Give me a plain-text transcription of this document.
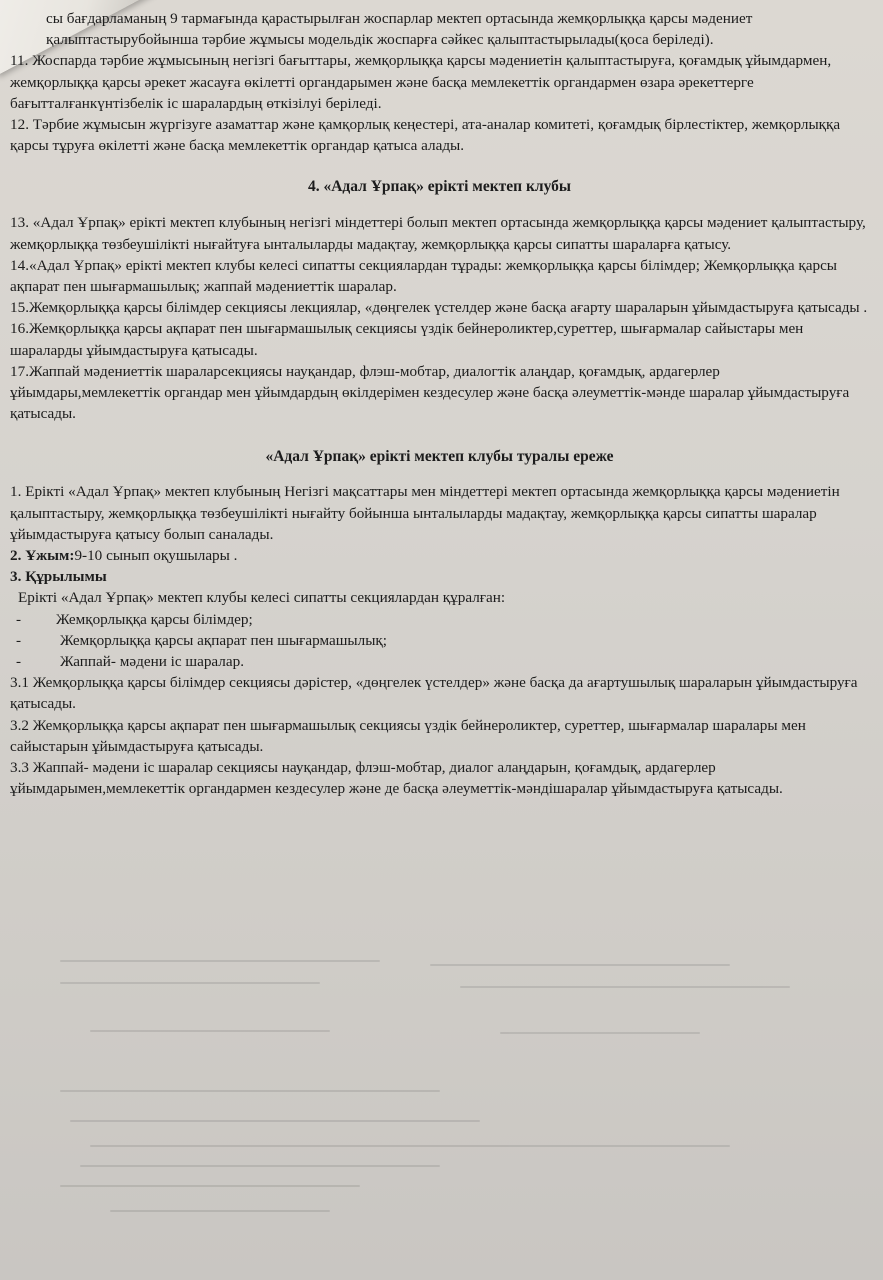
сы бағдарламаның 9 тармағында қарастырылған жоспарлар мектеп ортасында жемқорлыққа қарсы мәдениет қалыптастырубойынша тәрбие жұмысы модельдік жоспарға сәйкес қалыптастырылады(қоса беріледі).

11. Жоспарда тәрбие жұмысының негізгі бағыттары, жемқорлыққа қарсы мәдениетін қалыптастыруға, қоғамдық ұйымдармен, жемқорлыққа қарсы әрекет жасауға өкілетті органдарымен және басқа мемлекеттік органдармен өзара әрекеттерге бағытталғанкүнтізбелік іс шаралардың өткізілуі беріледі.

12. Тәрбие жұмысын жүргізуге азаматтар және қамқорлық кеңестері, ата-аналар комитеті, қоғамдық бірлестіктер, жемқорлыққа қарсы тұруға өкілетті және басқа мемлекеттік органдар қатыса алады.

4. «Адал Ұрпақ» ерікті мектеп клубы

13. «Адал Ұрпақ» ерікті мектеп клубының негізгі міндеттері болып мектеп ортасында жемқорлыққа қарсы мәдениет қалыптастыру, жемқорлыққа төзбеушілікті нығайтуға ынталыларды мадақтау, жемқорлыққа қарсы сипатты шараларға қатысу.

14.«Адал Ұрпақ» ерікті мектеп клубы келесі сипатты секциялардан тұрады: жемқорлыққа қарсы білімдер; Жемқорлыққа қарсы ақпарат пен шығармашылық; жаппай мәдениеттік шаралар.

15.Жемқорлыққа қарсы білімдер секциясы лекциялар, «дөңгелек үстелдер және басқа ағарту шараларын ұйымдастыруға қатысады .

16.Жемқорлыққа қарсы ақпарат пен шығармашылық секциясы үздік бейнероликтер,суреттер, шығармалар сайыстары мен шараларды ұйымдастыруға қатысады.

17.Жаппай мәдениеттік шараларсекциясы науқандар, флэш-мобтар, диалогтік алаңдар, қоғамдық, ардагерлер ұйымдары,мемлекеттік органдар мен ұйымдардың өкілдерімен кездесулер және басқа әлеуметтік-мәнде шаралар ұйымдастыруға қатысады.

«Адал Ұрпақ» ерікті мектеп клубы туралы ереже

1. Ерікті «Адал Ұрпақ» мектеп клубының Негізгі мақсаттары мен міндеттері мектеп ортасында жемқорлыққа қарсы мәдениетін қалыптастыру, жемқорлыққа төзбеушілікті нығайту бойынша ынталыларды мадақтау, жемқорлыққа қарсы сипатты шаралар ұйымдастыруға қатысу болып саналады.

2. Ұжым:9-10 сынып оқушылары .

3. Құрылымы

Ерікті «Адал Ұрпақ» мектеп клубы келесі сипатты секциялардан құралған:

-	Жемқорлыққа қарсы білімдер;
-	Жемқорлыққа қарсы ақпарат пен шығармашылық;
-	Жаппай- мәдени іс шаралар.

3.1 Жемқорлыққа қарсы білімдер секциясы дәрістер, «дөңгелек үстелдер» және басқа да ағартушылық шараларын ұйымдастыруға қатысады.

3.2 Жемқорлыққа қарсы ақпарат пен шығармашылық секциясы үздік бейнероликтер, суреттер, шығармалар шаралары мен сайыстарын ұйымдастыруға қатысады.

3.3 Жаппай- мәдени іс шаралар секциясы науқандар, флэш-мобтар, диалог алаңдарын, қоғамдық, ардагерлер ұйымдарымен,мемлекеттік органдармен кездесулер және де басқа әлеуметтік-мәндішаралар ұйымдастыруға қатысады.
